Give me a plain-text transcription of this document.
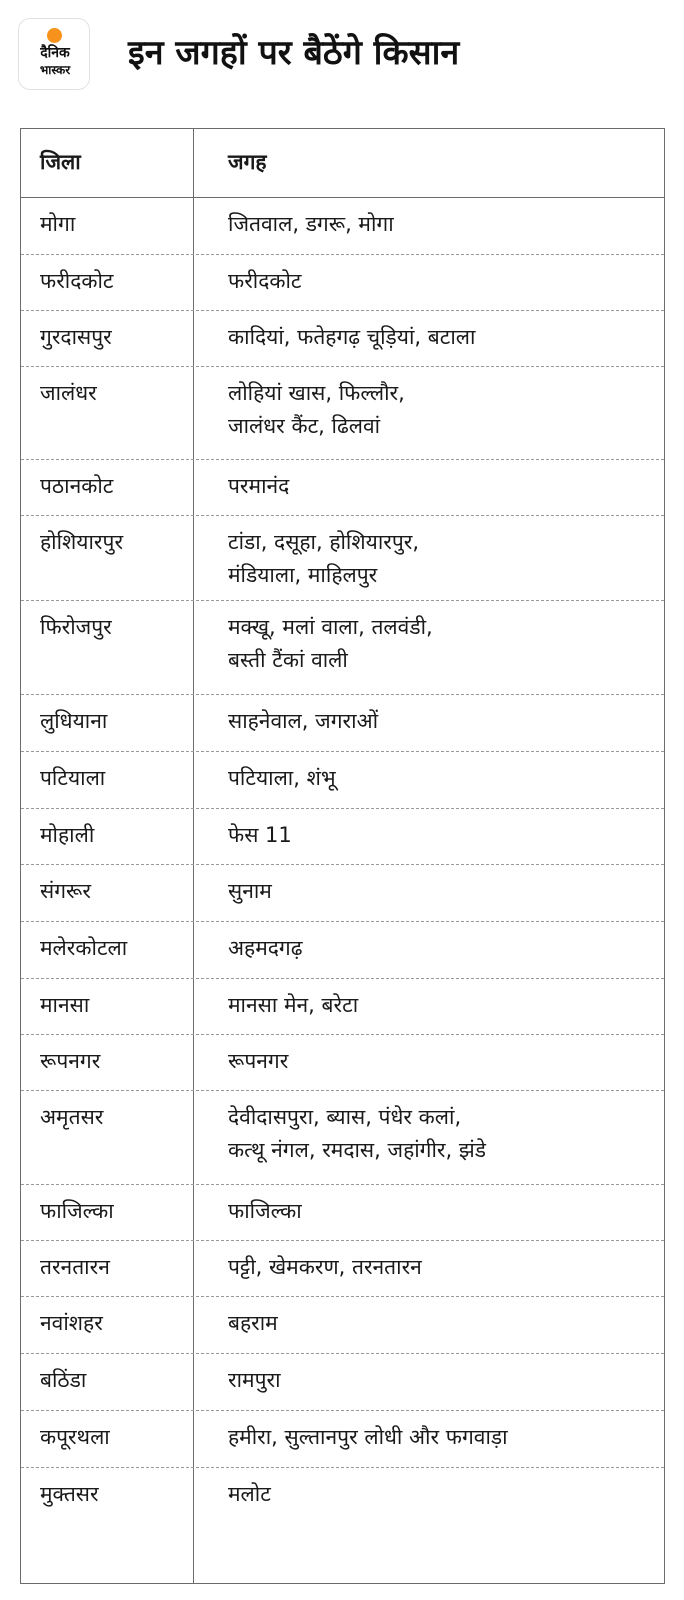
दैनिक
भास्कर	इन जगहों पर बैठेंगे किसान
जिला	जगह
मोगा	जितवाल, डगरू, मोगा
फरीदकोट	फरीदकोट
गुरदासपुर	कादियां, फतेहगढ़ चूड़ियां, बटाला
जालंधर	लोहियां खास, फिल्लौर,
जालंधर कैंट, ढिलवां
पठानकोट	परमानंद
होशियारपुर	टांडा, दसूहा, होशियारपुर,
मंडियाला, माहिलपुर
फिरोजपुर	मक्खू, मलां वाला, तलवंडी,
बस्ती टैंकां वाली
लुधियाना	साहनेवाल, जगराओं
पटियाला	पटियाला, शंभू
मोहाली	फेस 11
संगरूर	सुनाम
मलेरकोटला	अहमदगढ़
मानसा	मानसा मेन, बरेटा
रूपनगर	रूपनगर
अमृतसर	देवीदासपुरा, ब्यास, पंधेर कलां,
कत्थू नंगल, रमदास, जहांगीर, झंडे
फाजिल्का	फाजिल्का
तरनतारन	पट्टी, खेमकरण, तरनतारन
नवांशहर	बहराम
बठिंडा	रामपुरा
कपूरथला	हमीरा, सुल्तानपुर लोधी और फगवाड़ा
मुक्तसर	मलोट
